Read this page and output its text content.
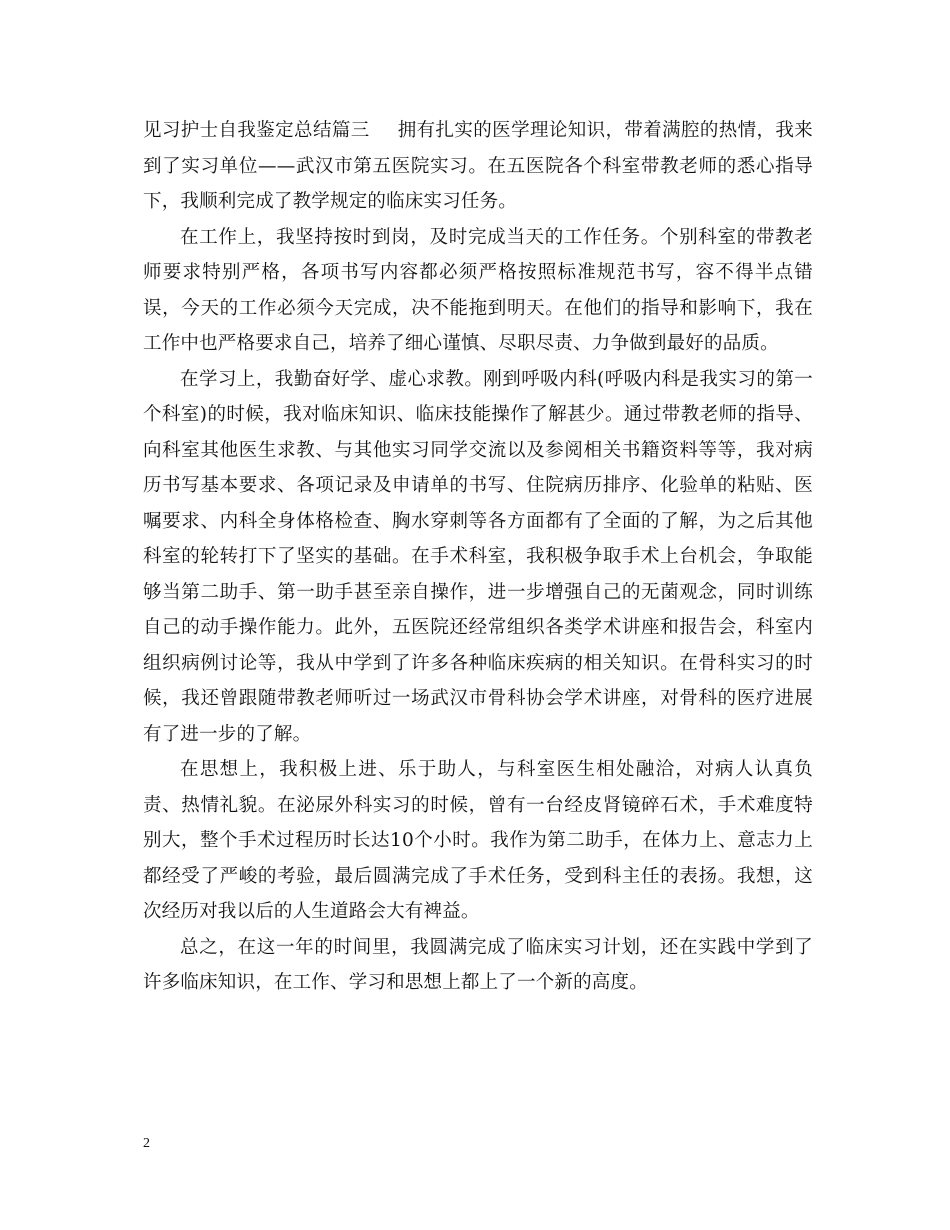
见习护士自我鉴定总结篇三 拥有扎实的医学理论知识，带着满腔的热情，我来到了实习单位——武汉市第五医院实习。在五医院各个科室带教老师的悉心指导下，我顺利完成了教学规定的临床实习任务。

在工作上，我坚持按时到岗，及时完成当天的工作任务。个别科室的带教老师要求特别严格，各项书写内容都必须严格按照标准规范书写，容不得半点错误，今天的工作必须今天完成，决不能拖到明天。在他们的指导和影响下，我在工作中也严格要求自己，培养了细心谨慎、尽职尽责、力争做到最好的品质。

在学习上，我勤奋好学、虚心求教。刚到呼吸内科(呼吸内科是我实习的第一个科室)的时候，我对临床知识、临床技能操作了解甚少。通过带教老师的指导、向科室其他医生求教、与其他实习同学交流以及参阅相关书籍资料等等，我对病历书写基本要求、各项记录及申请单的书写、住院病历排序、化验单的粘贴、医嘱要求、内科全身体格检查、胸水穿刺等各方面都有了全面的了解，为之后其他科室的轮转打下了坚实的基础。在手术科室，我积极争取手术上台机会，争取能够当第二助手、第一助手甚至亲自操作，进一步增强自己的无菌观念，同时训练自己的动手操作能力。此外，五医院还经常组织各类学术讲座和报告会，科室内组织病例讨论等，我从中学到了许多各种临床疾病的相关知识。在骨科实习的时候，我还曾跟随带教老师听过一场武汉市骨科协会学术讲座，对骨科的医疗进展有了进一步的了解。

在思想上，我积极上进、乐于助人，与科室医生相处融洽，对病人认真负责、热情礼貌。在泌尿外科实习的时候，曾有一台经皮肾镜碎石术，手术难度特别大，整个手术过程历时长达10个小时。我作为第二助手，在体力上、意志力上都经受了严峻的考验，最后圆满完成了手术任务，受到科主任的表扬。我想，这次经历对我以后的人生道路会大有裨益。

总之，在这一年的时间里，我圆满完成了临床实习计划，还在实践中学到了许多临床知识，在工作、学习和思想上都上了一个新的高度。

2
